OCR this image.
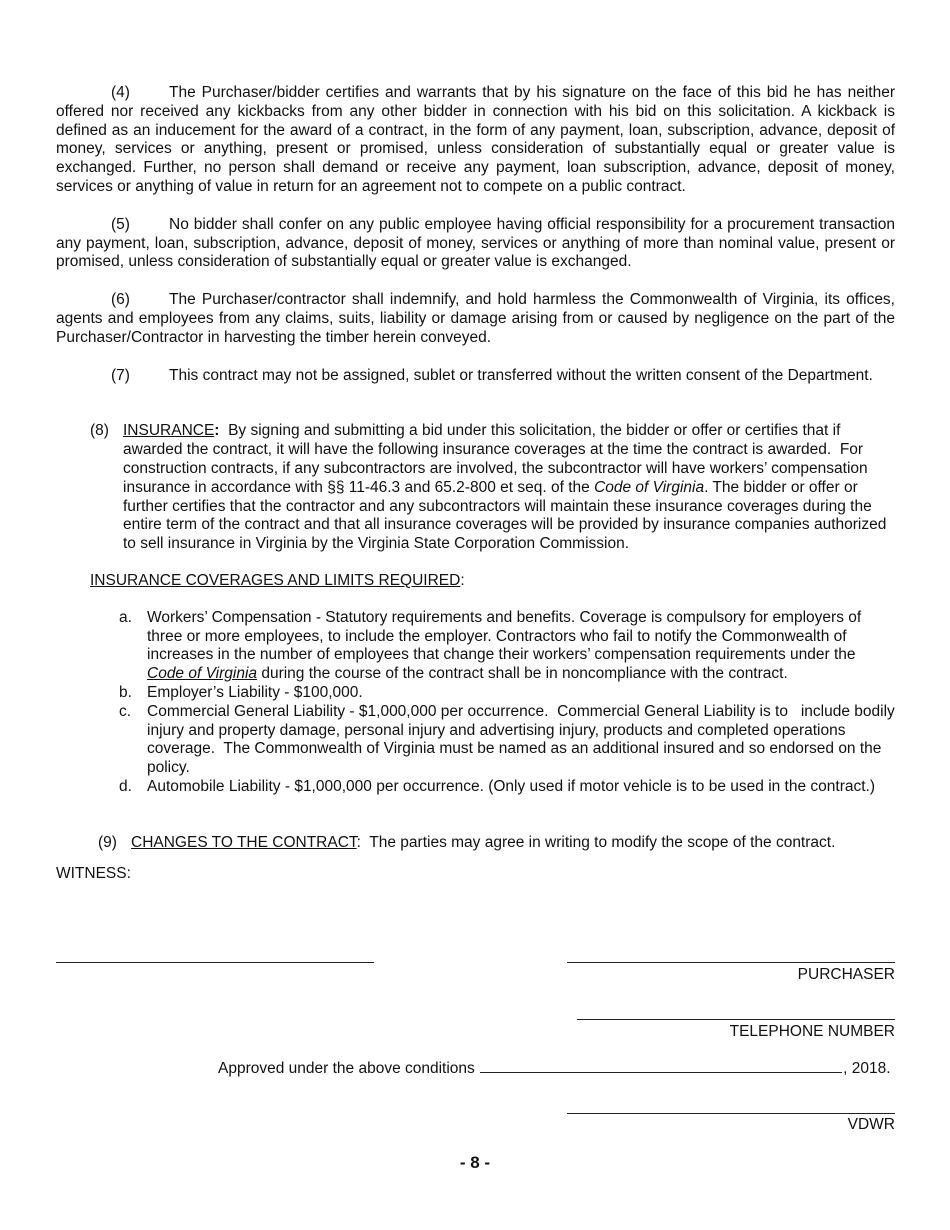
(4)	The Purchaser/bidder certifies and warrants that by his signature on the face of this bid he has neither offered nor received any kickbacks from any other bidder in connection with his bid on this solicitation. A kickback is defined as an inducement for the award of a contract, in the form of any payment, loan, subscription, advance, deposit of money, services or anything, present or promised, unless consideration of substantially equal or greater value is exchanged. Further, no person shall demand or receive any payment, loan subscription, advance, deposit of money, services or anything of value in return for an agreement not to compete on a public contract.

(5)	No bidder shall confer on any public employee having official responsibility for a procurement transaction any payment, loan, subscription, advance, deposit of money, services or anything of more than nominal value, present or promised, unless consideration of substantially equal or greater value is exchanged.

(6)	The Purchaser/contractor shall indemnify, and hold harmless the Commonwealth of Virginia, its offices, agents and employees from any claims, suits, liability or damage arising from or caused by negligence on the part of the Purchaser/Contractor in harvesting the timber herein conveyed.

(7)	This contract may not be assigned, sublet or transferred without the written consent of the Department.

(8) INSURANCE:  By signing and submitting a bid under this solicitation, the bidder or offer or certifies that if awarded the contract, it will have the following insurance coverages at the time the contract is awarded.  For construction contracts, if any subcontractors are involved, the subcontractor will have workers’ compensation insurance in accordance with §§ 11-46.3 and 65.2-800 et seq. of the Code of Virginia. The bidder or offer or further certifies that the contractor and any subcontractors will maintain these insurance coverages during the entire term of the contract and that all insurance coverages will be provided by insurance companies authorized to sell insurance in Virginia by the Virginia State Corporation Commission.
INSURANCE COVERAGES AND LIMITS REQUIRED:
a. Workers’ Compensation - Statutory requirements and benefits. Coverage is compulsory for employers of three or more employees, to include the employer. Contractors who fail to notify the Commonwealth of increases in the number of employees that change their workers’ compensation requirements under the Code of Virginia during the course of the contract shall be in noncompliance with the contract.
b. Employer’s Liability - $100,000.
c. Commercial General Liability - $1,000,000 per occurrence.  Commercial General Liability is to   include bodily injury and property damage, personal injury and advertising injury, products and completed operations coverage.  The Commonwealth of Virginia must be named as an additional insured and so endorsed on the policy.
d. Automobile Liability - $1,000,000 per occurrence. (Only used if motor vehicle is to be used in the contract.)
(9) CHANGES TO THE CONTRACT:  The parties may agree in writing to modify the scope of the contract.
WITNESS:
PURCHASER
TELEPHONE NUMBER
Approved under the above conditions	, 2018.
VDWR
- 8 -
